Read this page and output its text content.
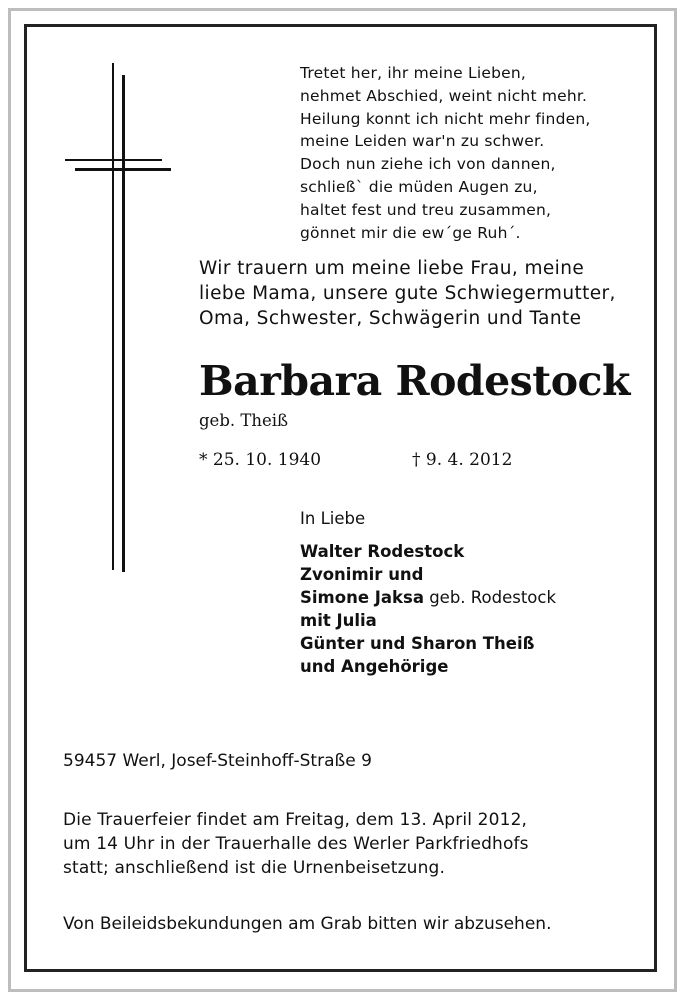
Tretet her, ihr meine Lieben,
nehmet Abschied, weint nicht mehr.
Heilung konnt ich nicht mehr finden,
meine Leiden war'n zu schwer.
Doch nun ziehe ich von dannen,
schließ` die müden Augen zu,
haltet fest und treu zusammen,
gönnet mir die ew´ge Ruh´.
Wir trauern um meine liebe Frau, meine
liebe Mama, unsere gute Schwiegermutter,
Oma, Schwester, Schwägerin und Tante
Barbara Rodestock
geb. Theiß
* 25. 10. 1940	† 9. 4. 2012
In Liebe
Walter Rodestock
Zvonimir und
Simone Jaksa geb. Rodestock
mit Julia
Günter und Sharon Theiß
und Angehörige
59457 Werl, Josef-Steinhoff-Straße 9
Die Trauerfeier findet am Freitag, dem 13. April 2012,
um 14 Uhr in der Trauerhalle des Werler Parkfriedhofs
statt; anschließend ist die Urnenbeisetzung.
Von Beileidsbekundungen am Grab bitten wir abzusehen.
